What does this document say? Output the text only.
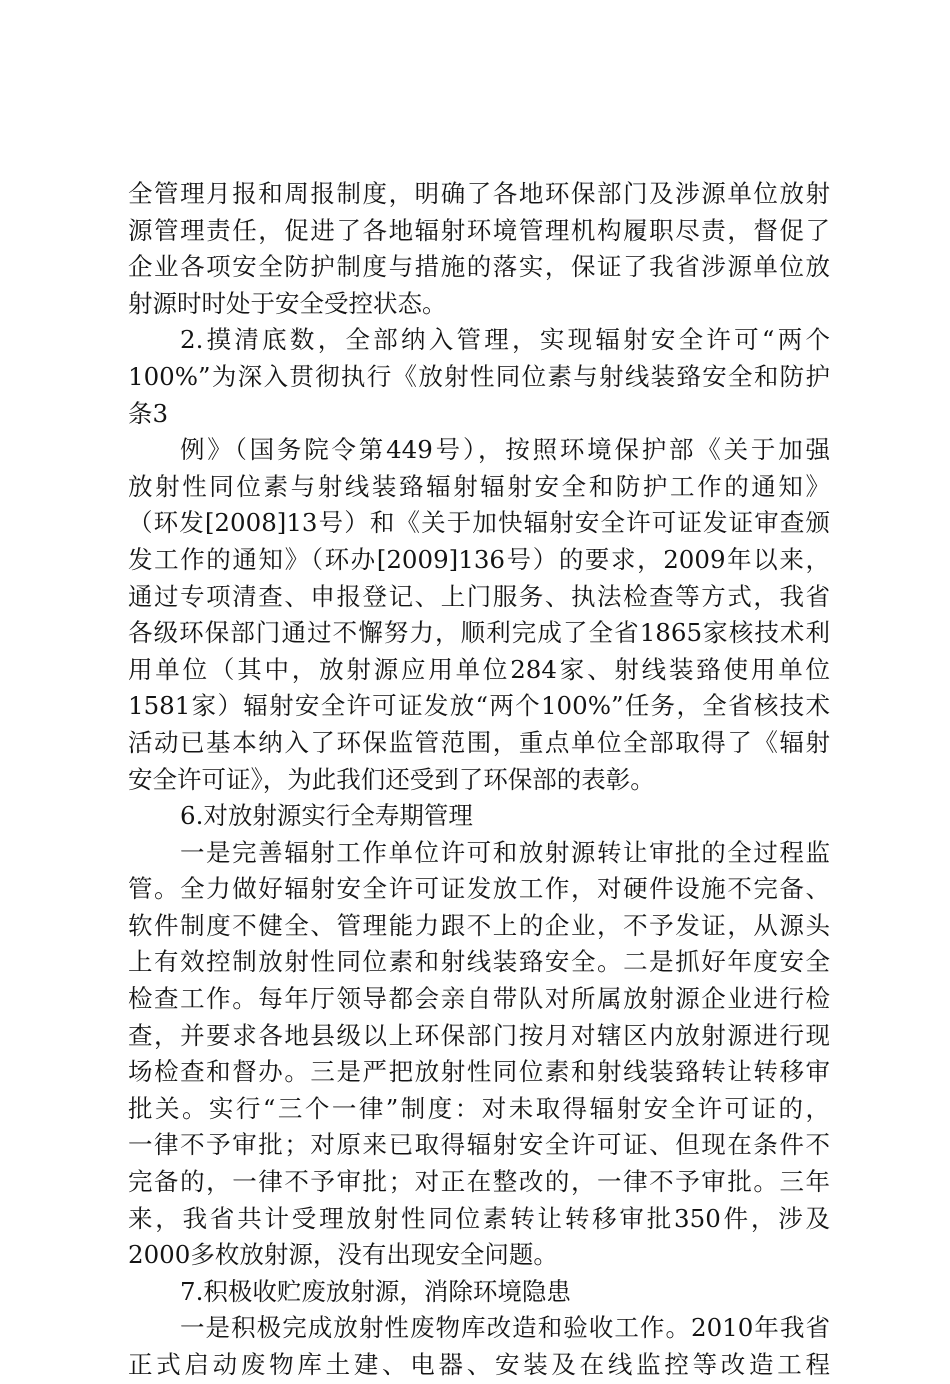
全管理月报和周报制度，明确了各地环保部门及涉源单位放射
源管理责任，促进了各地辐射环境管理机构履职尽责，督促了
企业各项安全防护制度与措施的落实，保证了我省涉源单位放
射源时时处于安全受控状态。
2.摸清底数，全部纳入管理，实现辐射安全许可“两个
100%”为深入贯彻执行《放射性同位素与射线装臵安全和防护
条3
例》（国务院令第449号），按照环境保护部《关于加强
放射性同位素与射线装臵辐射辐射安全和防护工作的通知》
（环发[2008]13号）和《关于加快辐射安全许可证发证审查颁
发工作的通知》（环办[2009]136号）的要求，2009年以来，
通过专项清查、申报登记、上门服务、执法检查等方式，我省
各级环保部门通过不懈努力，顺利完成了全省1865家核技术利
用单位（其中，放射源应用单位284家、射线装臵使用单位
1581家）辐射安全许可证发放“两个100%”任务，全省核技术
活动已基本纳入了环保监管范围，重点单位全部取得了《辐射
安全许可证》，为此我们还受到了环保部的表彰。
6.对放射源实行全寿期管理
一是完善辐射工作单位许可和放射源转让审批的全过程监
管。全力做好辐射安全许可证发放工作，对硬件设施不完备、
软件制度不健全、管理能力跟不上的企业，不予发证，从源头
上有效控制放射性同位素和射线装臵安全。二是抓好年度安全
检查工作。每年厅领导都会亲自带队对所属放射源企业进行检
查，并要求各地县级以上环保部门按月对辖区内放射源进行现
场检查和督办。三是严把放射性同位素和射线装臵转让转移审
批关。实行“三个一律”制度：对未取得辐射安全许可证的，
一律不予审批；对原来已取得辐射安全许可证、但现在条件不
完备的，一律不予审批；对正在整改的，一律不予审批。三年
来，我省共计受理放射性同位素转让转移审批350件，涉及
2000多枚放射源，没有出现安全问题。
7.积极收贮废放射源，消除环境隐患
一是积极完成放射性废物库改造和验收工作。2010年我省
正式启动废物库土建、电器、安装及在线监控等改造工程
